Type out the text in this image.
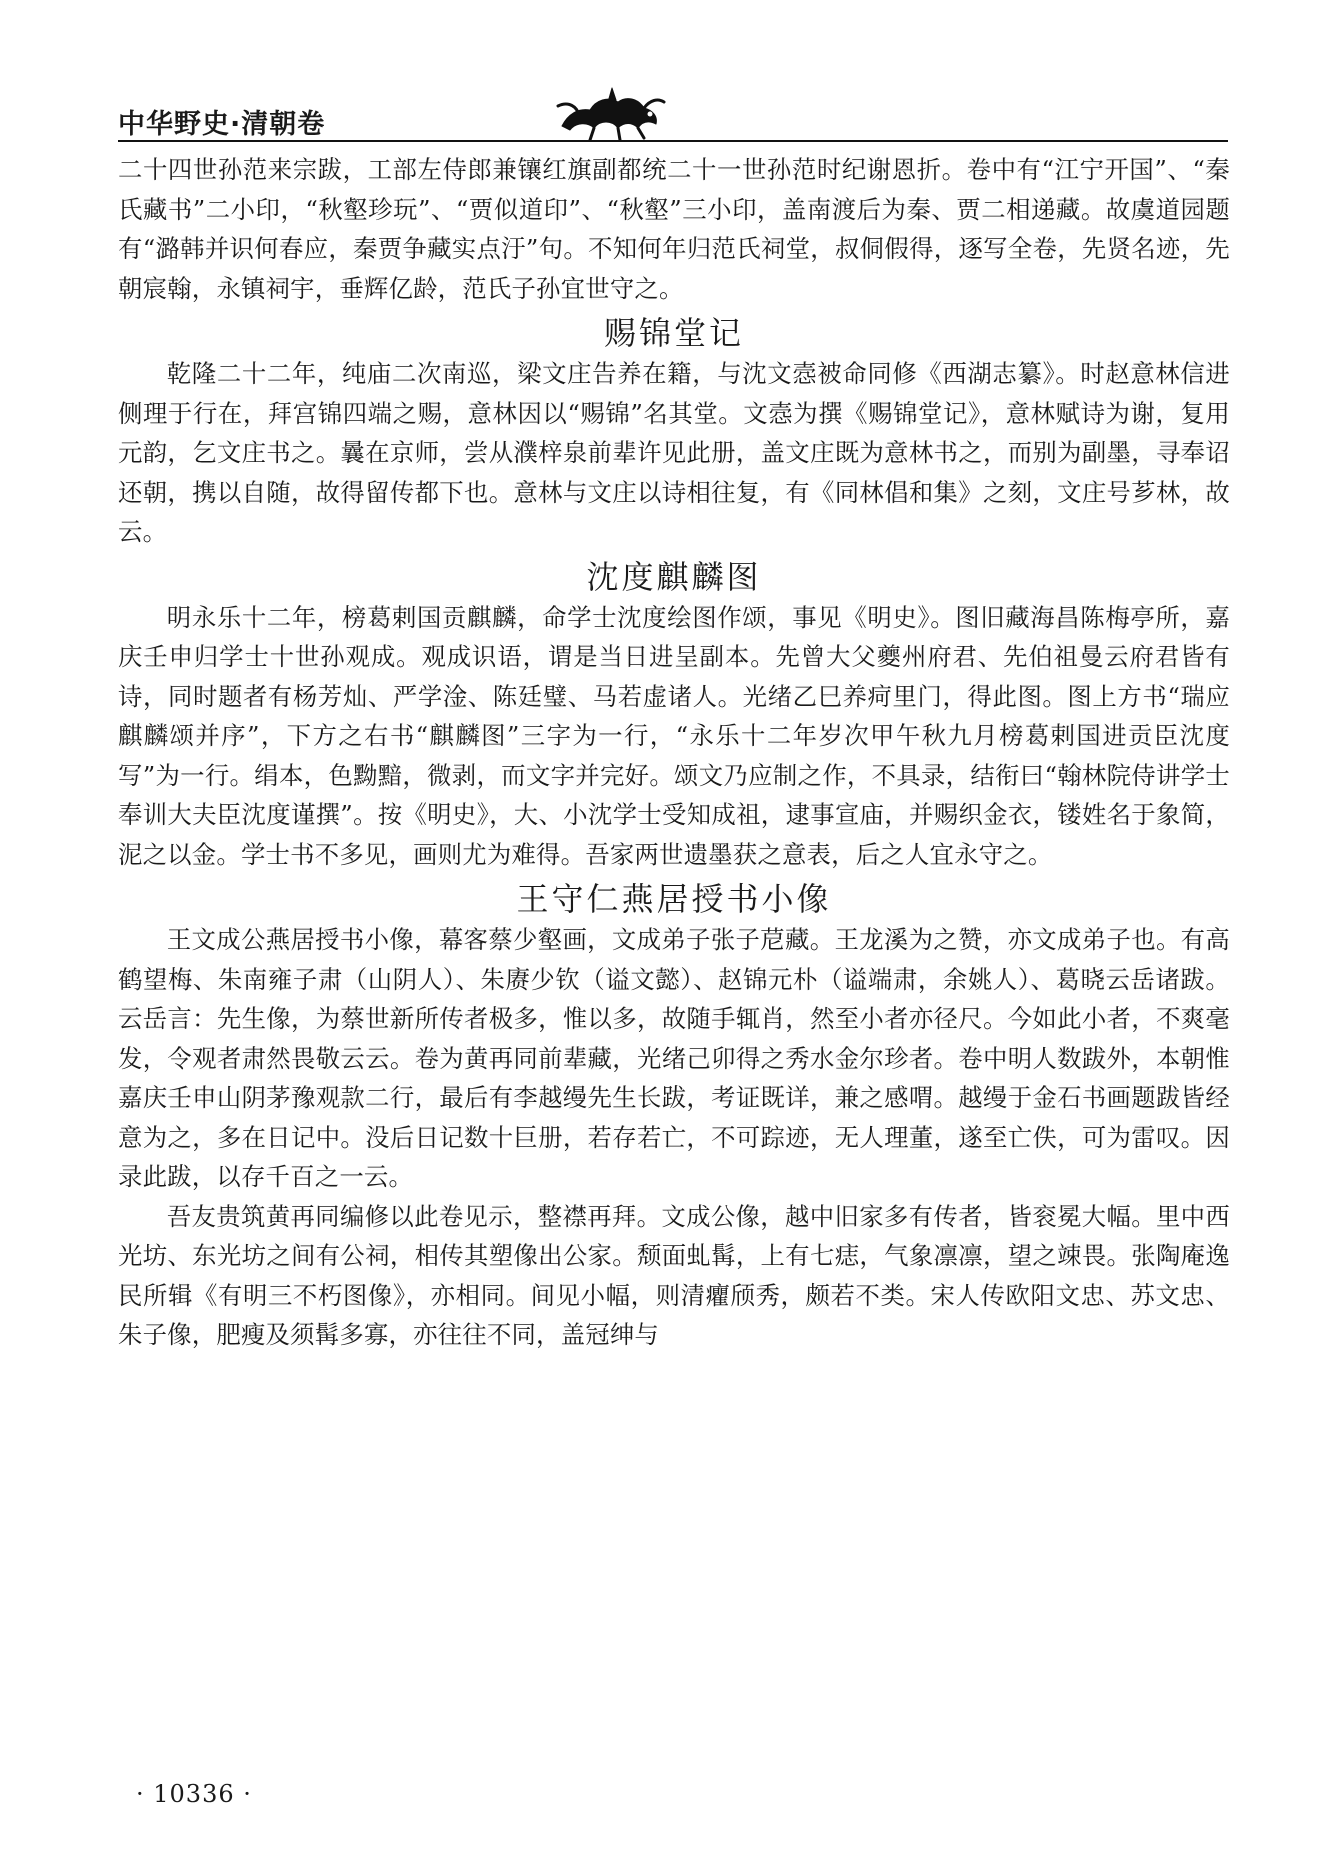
中华野史·清朝卷

二十四世孙范来宗跋，工部左侍郎兼镶红旗副都统二十一世孙范时纪谢恩折。卷中有“江宁开国”、“秦氏藏书”二小印，“秋壑珍玩”、“贾似道印”、“秋壑”三小印，盖南渡后为秦、贾二相递藏。故虞道园题有“潞韩并识何春应，秦贾争藏实点汙”句。不知何年归范氏祠堂，叔侗假得，逐写全卷，先贤名迹，先朝宸翰，永镇祠宇，垂辉亿龄，范氏子孙宜世守之。

赐锦堂记

乾隆二十二年，纯庙二次南巡，梁文庄告养在籍，与沈文悫被命同修《西湖志纂》。时赵意林信进侧理于行在，拜宫锦四端之赐，意林因以“赐锦”名其堂。文悫为撰《赐锦堂记》，意林赋诗为谢，复用元韵，乞文庄书之。曩在京师，尝从濮梓泉前辈许见此册，盖文庄既为意林书之，而别为副墨，寻奉诏还朝，携以自随，故得留传都下也。意林与文庄以诗相往复，有《同林倡和集》之刻，文庄号芗林，故云。

沈度麒麟图

明永乐十二年，榜葛剌国贡麒麟，命学士沈度绘图作颂，事见《明史》。图旧藏海昌陈梅亭所，嘉庆壬申归学士十世孙观成。观成识语，谓是当日进呈副本。先曾大父夔州府君、先伯祖曼云府君皆有诗，同时题者有杨芳灿、严学淦、陈廷璧、马若虚诸人。光绪乙巳养疴里门，得此图。图上方书“瑞应麒麟颂并序”，下方之右书“麒麟图”三字为一行，“永乐十二年岁次甲午秋九月榜葛剌国进贡臣沈度写”为一行。绢本，色黝黯，微剥，而文字并完好。颂文乃应制之作，不具录，结衔曰“翰林院侍讲学士奉训大夫臣沈度谨撰”。按《明史》，大、小沈学士受知成祖，逮事宣庙，并赐织金衣，镂姓名于象简，泥之以金。学士书不多见，画则尤为难得。吾家两世遗墨获之意表，后之人宜永守之。

王守仁燕居授书小像

王文成公燕居授书小像，幕客蔡少壑画，文成弟子张子苨藏。王龙溪为之赞，亦文成弟子也。有高鹤望梅、朱南雍子肃（山阴人）、朱赓少钦（谥文懿）、赵锦元朴（谥端肃，余姚人）、葛晓云岳诸跋。云岳言：先生像，为蔡世新所传者极多，惟以多，故随手辄肖，然至小者亦径尺。今如此小者，不爽毫发，令观者肃然畏敬云云。卷为黄再同前辈藏，光绪己卯得之秀水金尔珍者。卷中明人数跋外，本朝惟嘉庆壬申山阴茅豫观款二行，最后有李越缦先生长跋，考证既详，兼之感喟。越缦于金石书画题跋皆经意为之，多在日记中。没后日记数十巨册，若存若亡，不可踪迹，无人理董，遂至亡佚，可为雷叹。因录此跋，以存千百之一云。

吾友贵筑黄再同编修以此卷见示，整襟再拜。文成公像，越中旧家多有传者，皆衮冕大幅。里中西光坊、东光坊之间有公祠，相传其塑像出公家。颓面虬髯，上有七痣，气象凛凛，望之竦畏。张陶庵逸民所辑《有明三不朽图像》，亦相同。间见小幅，则清癯颀秀，颇若不类。宋人传欧阳文忠、苏文忠、朱子像，肥瘦及须髯多寡，亦往往不同，盖冠绅与

· 10336 ·
